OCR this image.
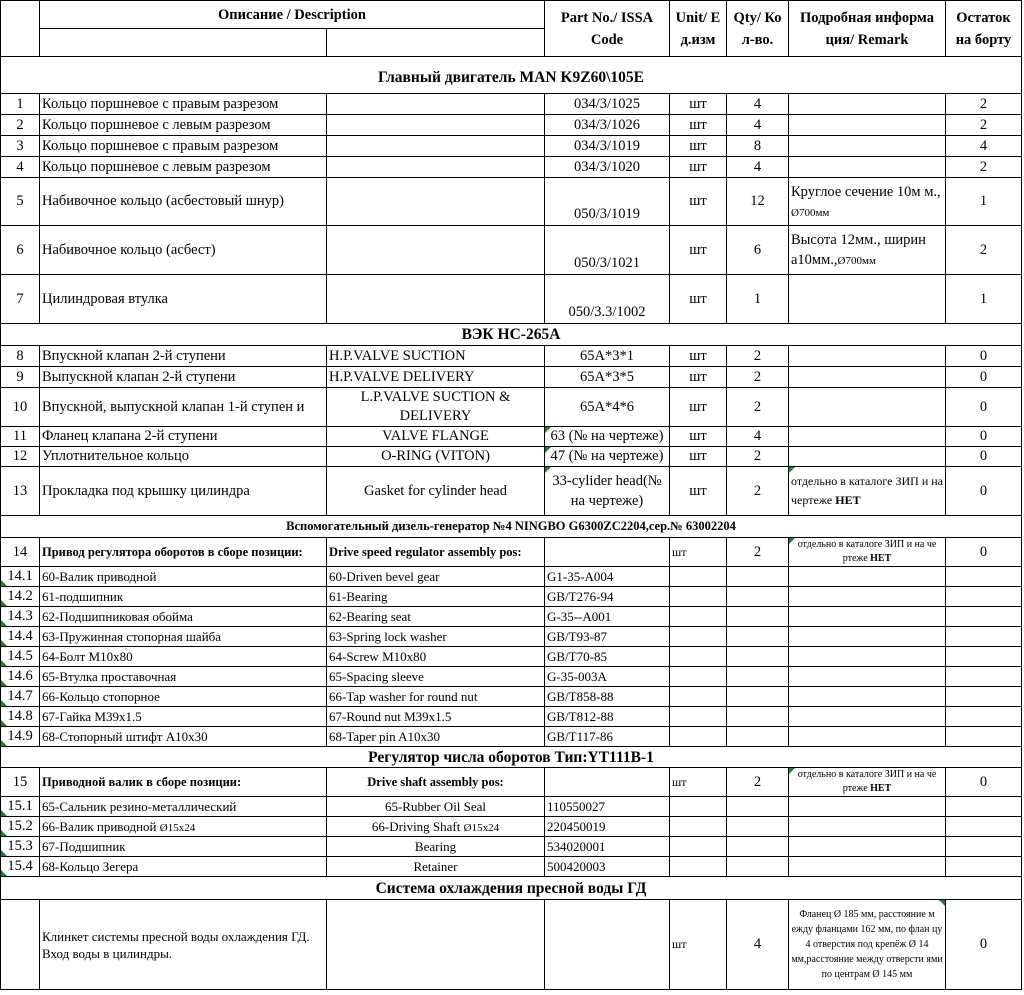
	Описание / Description		Part No./ ISSA Code	Unit/ Е д.изм	Qty/ Ко л-во.	Подробная информа ция/ Remark	Остаток на борту

Главный двигатель MAN K9Z60\105E							
1	Кольцо поршневое с правым разрезом		034/3/1025	шт	4		2
2	Кольцо поршневое с левым разрезом		034/3/1026	шт	4		2
3	Кольцо поршневое с правым разрезом		034/3/1019	шт	8		4
4	Кольцо поршневое с левым разрезом		034/3/1020	шт	4		2
5	Набивочное кольцо (асбестовый шнур)		050/3/1019	шт	12	Круглое сечение 10м м., Ø700мм	1
6	Набивочное кольцо (асбест)		050/3/1021	шт	6	Высота 12мм., ширин а10мм.,Ø700мм	2
7	Цилиндровая втулка		050/3.3/1002	шт	1		1
ВЭК HC-265A							
8	Впускной клапан 2-й ступени	H.P.VALVE SUCTION	65A*3*1	шт	2		0
9	Выпускной клапан 2-й ступени	H.P.VALVE DELIVERY	65A*3*5	шт	2		0
10	Впускной, выпускной клапан 1-й ступен и	L.P.VALVE SUCTION & DELIVERY	65A*4*6	шт	2		0
11	Фланец клапана 2-й ступени	VALVE FLANGE	63 (№ на чертеже)	шт	4		0
12	Уплотнительное кольцо	O-RING (VITON)	47 (№ на чертеже)	шт	2		0
13	Прокладка под крышку цилиндра	Gasket for cylinder head	33-cylider head(№ на чертеже)	шт	2	отдельно в каталоге ЗИП и на чертеже НЕТ	0
Вспомогательный дизель-генератор №4 NINGBO G6300ZC2204,сер.№ 63002204							
14	Привод регулятора оборотов в сборе позиции:	Drive speed regulator assembly pos:		шт	2	отдельно в каталоге ЗИП и на че ртеже НЕТ	0
14.1	60-Валик приводной	60-Driven bevel gear	G1-35-A004				
14.2	61-подшипник	61-Bearing	GB/T276-94				
14.3	62-Подшипниковая обойма	62-Bearing seat	G-35--A001				
14.4	63-Пружинная стопорная шайба	63-Spring lock washer	GB/T93-87				
14.5	64-Болт M10x80	64-Screw M10x80	GB/T70-85				
14.6	65-Втулка проставочная	65-Spacing sleeve	G-35-003A				
14.7	66-Кольцо стопорное	66-Tap washer for round nut	GB/T858-88				
14.8	67-Гайка M39x1.5	67-Round nut M39x1.5	GB/T812-88				
14.9	68-Стопорный штифт A10x30	68-Taper pin A10x30	GB/T117-86				
Регулятор числа оборотов Тип:YT111B-1							
15	Приводной валик в сборе позиции:	Drive shaft assembly pos:		шт	2	отдельно в каталоге ЗИП и на че ртеже НЕТ	0
15.1	65-Сальник резино-металлический	65-Rubber Oil Seal	110550027				
15.2	66-Валик приводной Ø15x24	66-Driving Shaft Ø15x24	220450019				
15.3	67-Подшипник	Bearing	534020001				
15.4	68-Кольцо Зегера	Retainer	500420003				
Система охлаждения пресной воды ГД							
	Клинкет системы пресной воды охлаждения ГД. Вход воды в цилиндры.			шт	4	Фланец Ø 185 мм, расстояние м ежду фланцами 162 мм, по флан цу 4 отверстия под крепёж Ø 14 мм,расстояние между отверсти ями по центрам Ø 145 мм	0
